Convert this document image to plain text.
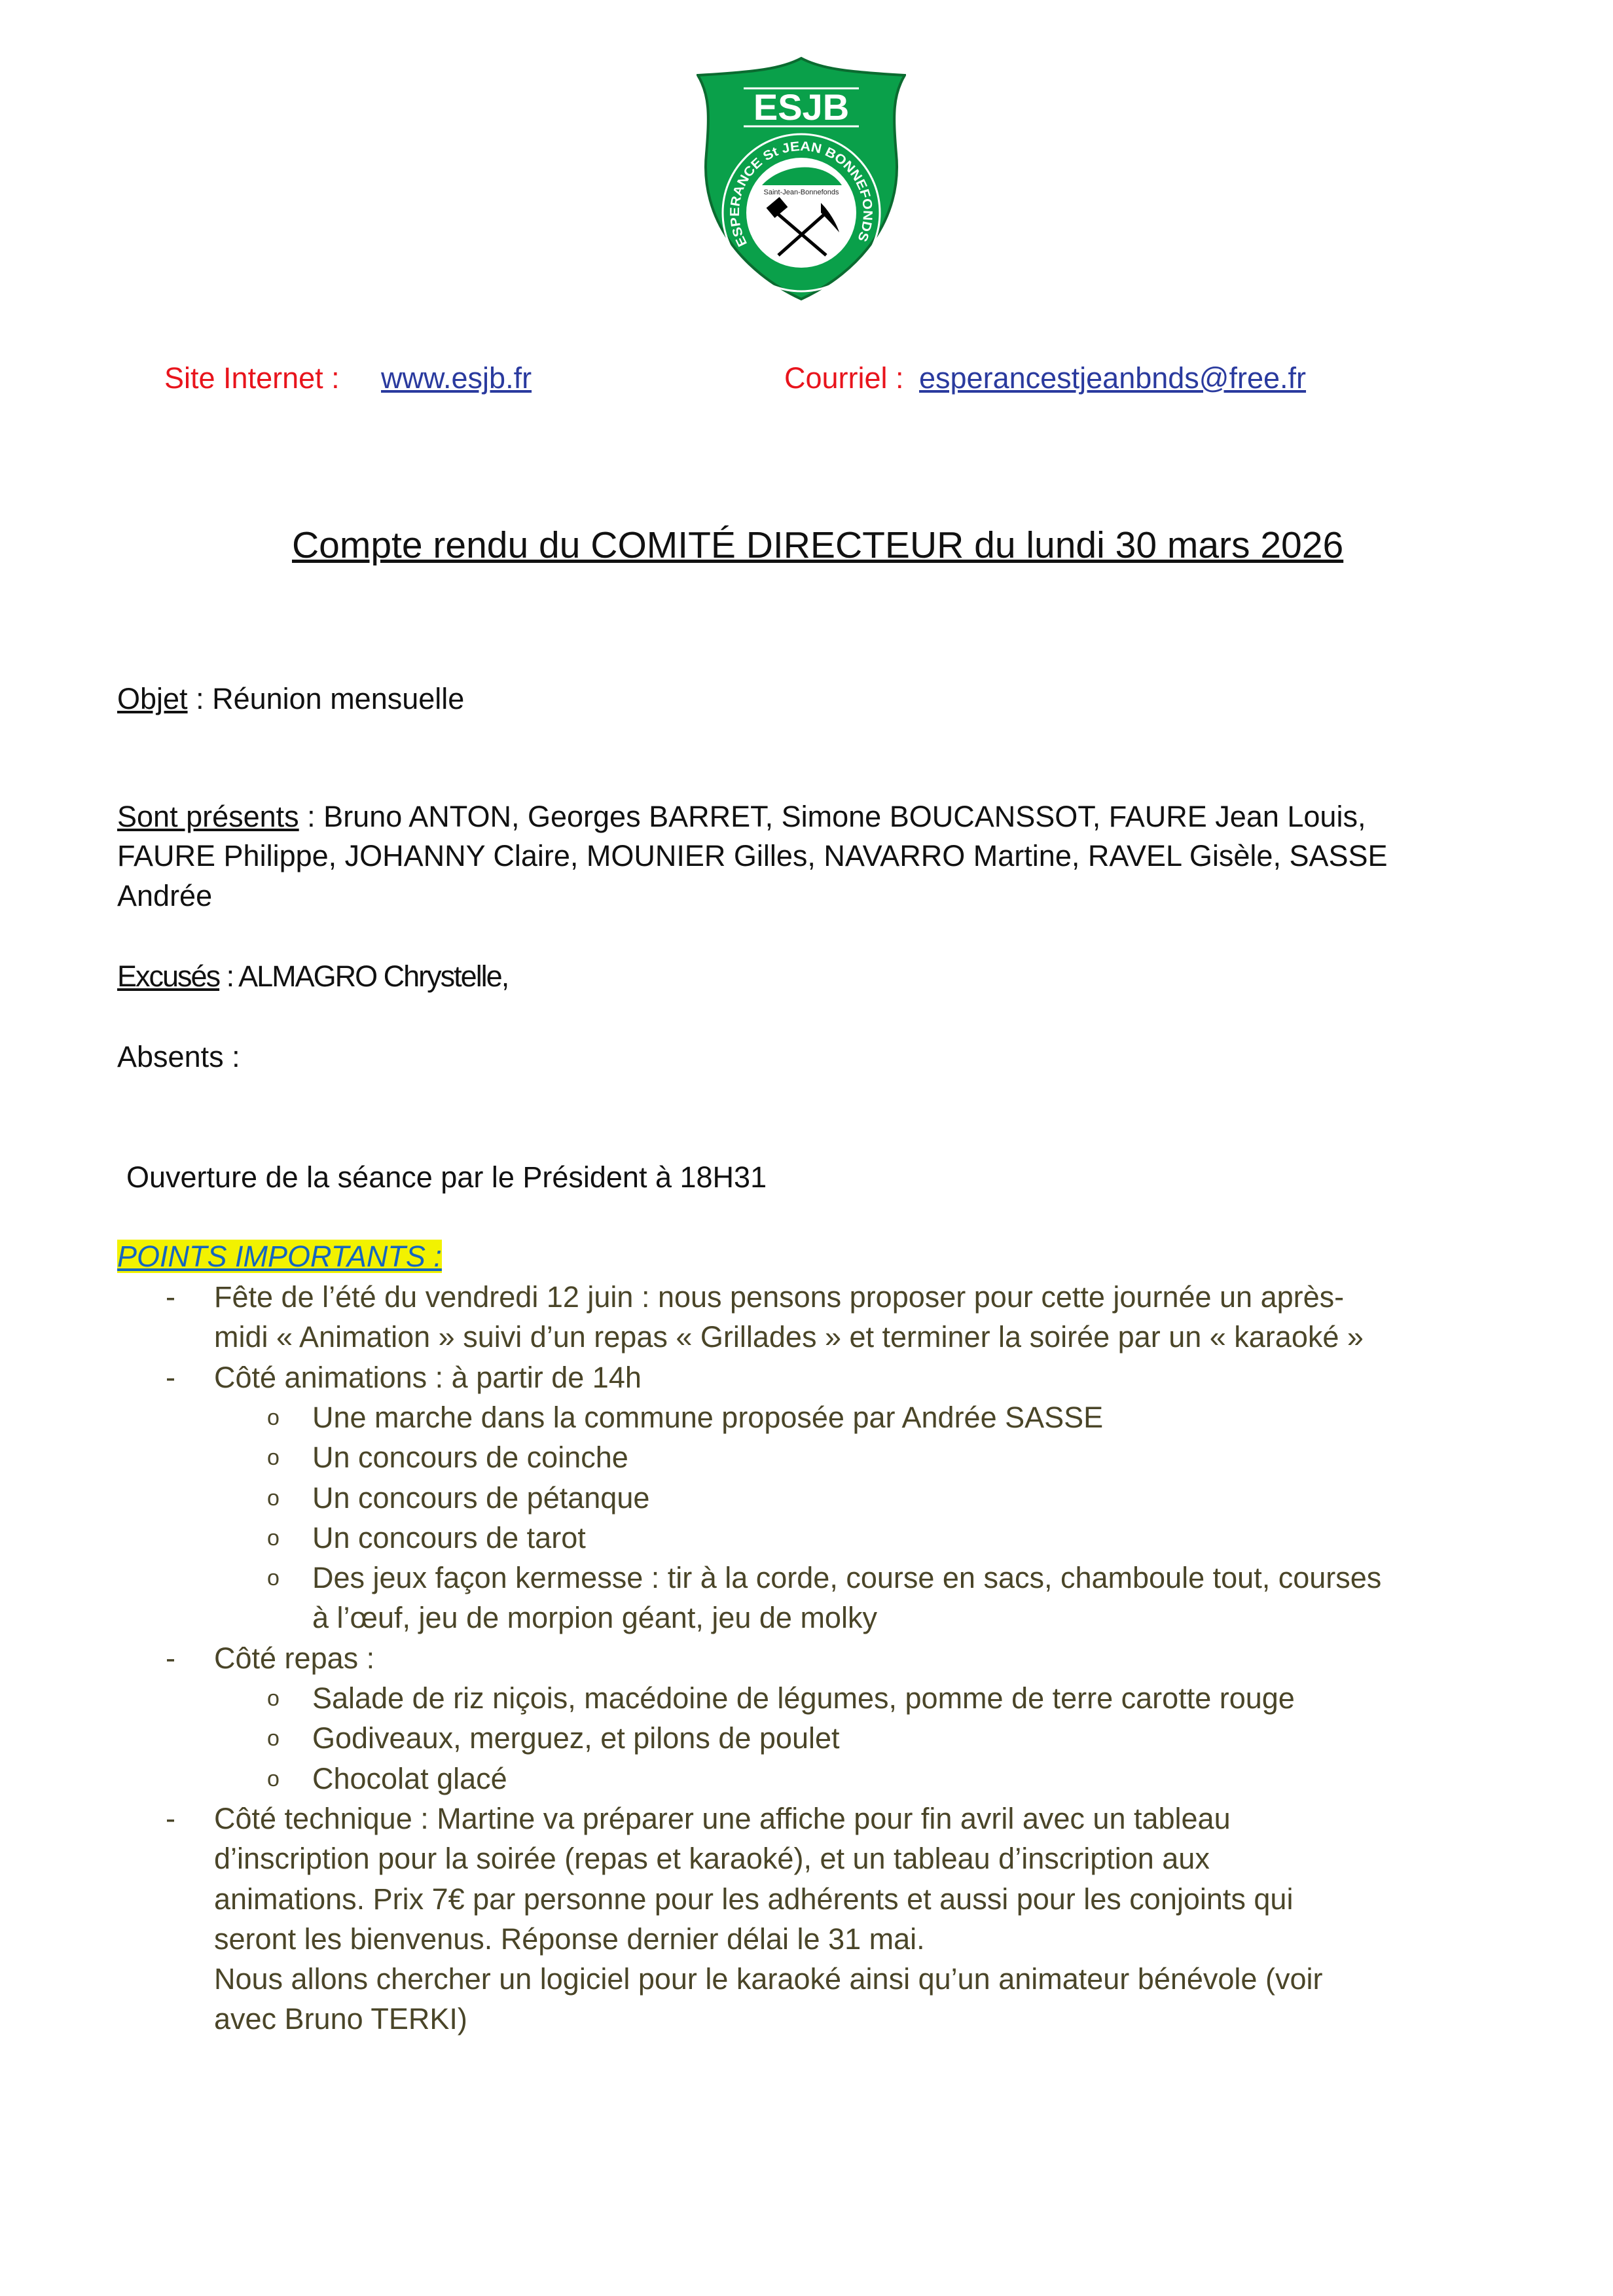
ESJB
Saint-Jean-Bonnefonds
ESPERANCE St JEAN BONNEFONDS
Site Internet : www.esjb.fr	Courriel : esperancestjeanbnds@free.fr
Compte rendu du COMITÉ DIRECTEUR du lundi 30 mars 2026
Objet : Réunion mensuelle
Sont présents : Bruno ANTON, Georges BARRET, Simone BOUCANSSOT, FAURE Jean Louis,
FAURE Philippe, JOHANNY Claire, MOUNIER Gilles, NAVARRO Martine, RAVEL Gisèle, SASSE
Andrée
Excusés : ALMAGRO Chrystelle,
Absents :
Ouverture de la séance par le Président à 18H31
POINTS IMPORTANTS :
- Fête de l’été du vendredi 12 juin : nous pensons proposer pour cette journée un après-
midi « Animation » suivi d’un repas « Grillades » et terminer la soirée par un « karaoké »
- Côté animations : à partir de 14h
o Une marche dans la commune proposée par Andrée SASSE
o Un concours de coinche
o Un concours de pétanque
o Un concours de tarot
o Des jeux façon kermesse : tir à la corde, course en sacs, chamboule tout, courses
à l’œuf, jeu de morpion géant, jeu de molky
- Côté repas :
o Salade de riz niçois, macédoine de légumes, pomme de terre carotte rouge
o Godiveaux, merguez, et pilons de poulet
o Chocolat glacé
- Côté technique : Martine va préparer une affiche pour fin avril avec un tableau
d’inscription pour la soirée (repas et karaoké), et un tableau d’inscription aux
animations. Prix 7€ par personne pour les adhérents et aussi pour les conjoints qui
seront les bienvenus. Réponse dernier délai le 31 mai.
Nous allons chercher un logiciel pour le karaoké ainsi qu’un animateur bénévole (voir
avec Bruno TERKI)
